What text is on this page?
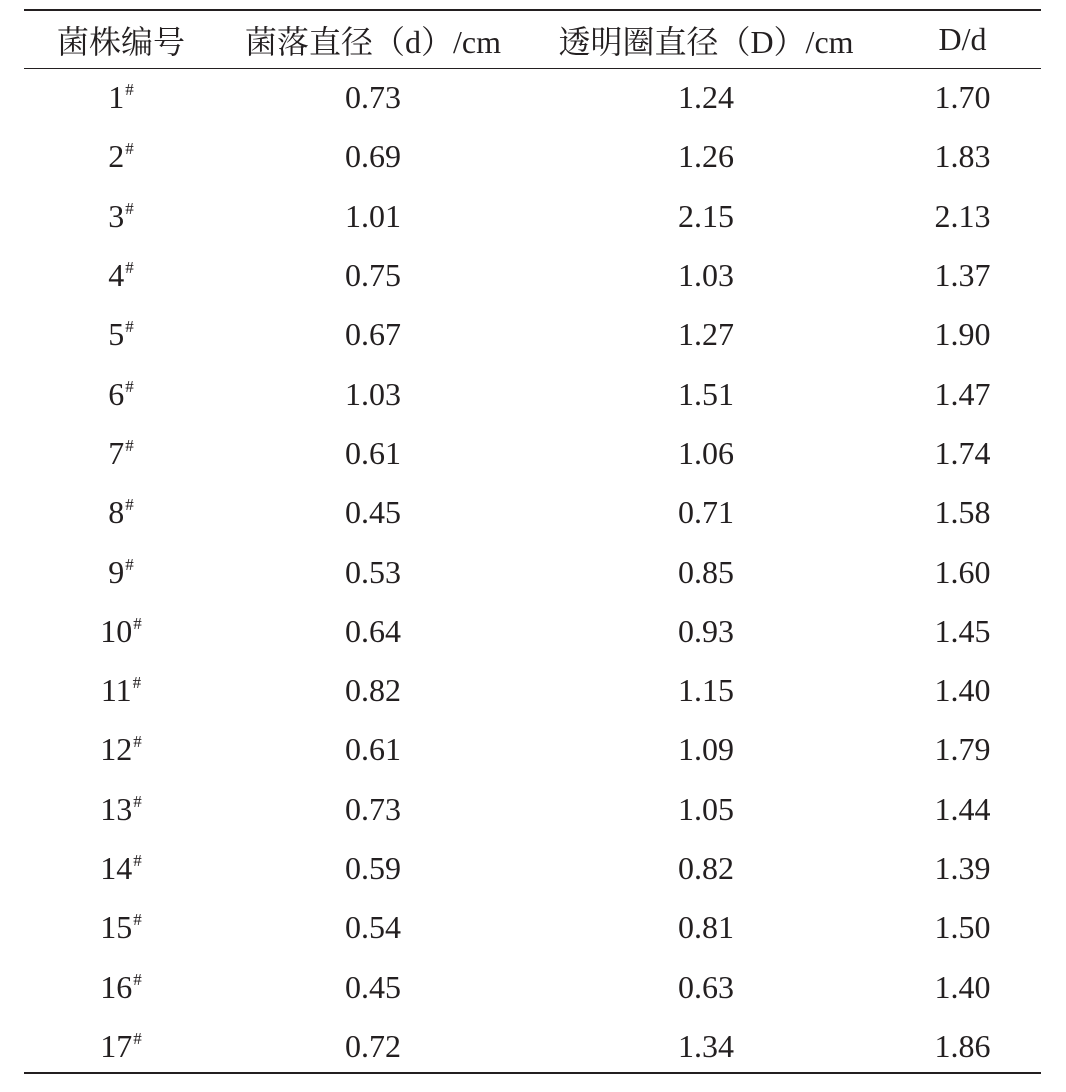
菌株编号	菌落直径（d）/cm	透明圈直径（D）/cm	D/d
1#	0.73	1.24	1.70
2#	0.69	1.26	1.83
3#	1.01	2.15	2.13
4#	0.75	1.03	1.37
5#	0.67	1.27	1.90
6#	1.03	1.51	1.47
7#	0.61	1.06	1.74
8#	0.45	0.71	1.58
9#	0.53	0.85	1.60
10#	0.64	0.93	1.45
11#	0.82	1.15	1.40
12#	0.61	1.09	1.79
13#	0.73	1.05	1.44
14#	0.59	0.82	1.39
15#	0.54	0.81	1.50
16#	0.45	0.63	1.40
17#	0.72	1.34	1.86
